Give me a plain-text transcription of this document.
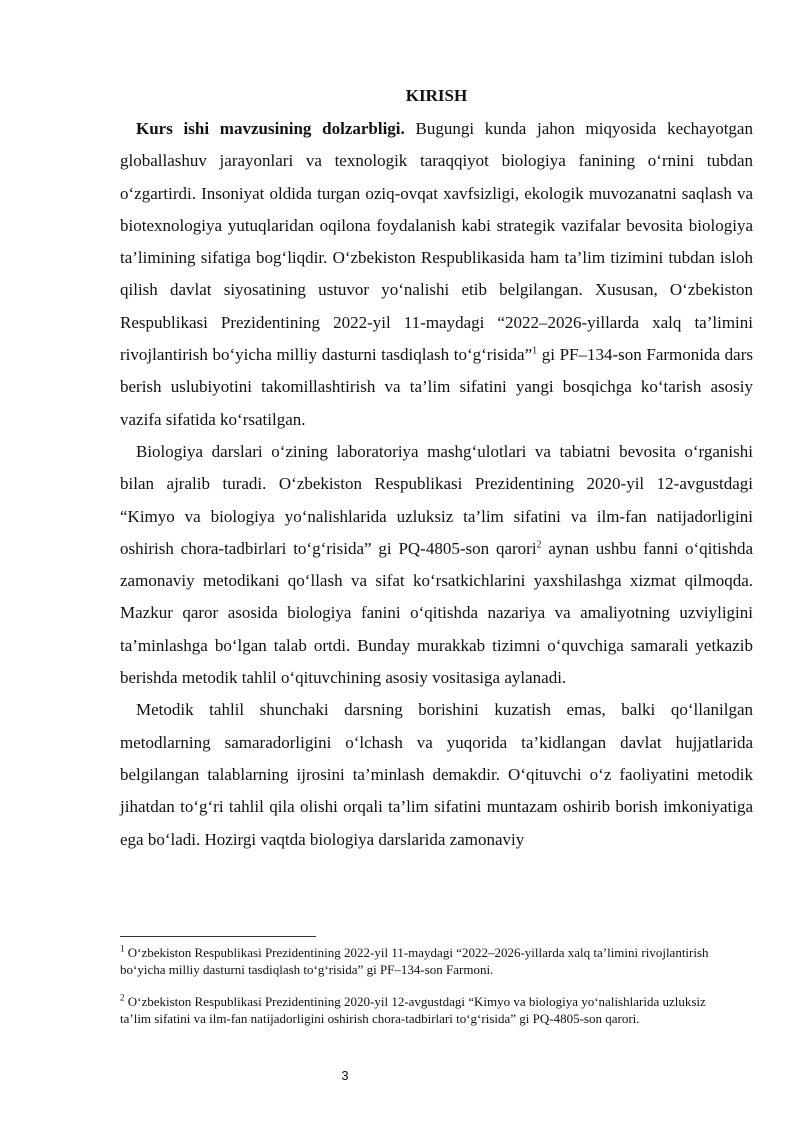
KIRISH

Kurs ishi mavzusining dolzarbligi. Bugungi kunda jahon miqyosida kechayotgan globallashuv jarayonlari va texnologik taraqqiyot biologiya fanining o‘rnini tubdan o‘zgartirdi. Insoniyat oldida turgan oziq-ovqat xavfsizligi, ekologik muvozanatni saqlash va biotexnologiya yutuqlaridan oqilona foydalanish kabi strategik vazifalar bevosita biologiya ta’limining sifatiga bog‘liqdir. O‘zbekiston Respublikasida ham ta’lim tizimini tubdan isloh qilish davlat siyosatining ustuvor yo‘nalishi etib belgilangan. Xususan, O‘zbekiston Respublikasi Prezidentining 2022-yil 11-maydagi “2022–2026-yillarda xalq ta’limini rivojlantirish bo‘yicha milliy dasturni tasdiqlash to‘g‘risida”$^1$ gi PF–134-son Farmonida dars berish uslubiyotini takomillashtirish va ta’lim sifatini yangi bosqichga ko‘tarish asosiy vazifa sifatida ko‘rsatilgan.

Biologiya darslari o‘zining laboratoriya mashg‘ulotlari va tabiatni bevosita o‘rganishi bilan ajralib turadi. O‘zbekiston Respublikasi Prezidentining 2020-yil 12-avgustdagi “Kimyo va biologiya yo‘nalishlarida uzluksiz ta’lim sifatini va ilm-fan natijadorligini oshirish chora-tadbirlari to‘g‘risida” gi PQ-4805-son qarori$^2$ aynan ushbu fanni o‘qitishda zamonaviy metodikani qo‘llash va sifat ko‘rsatkichlarini yaxshilashga xizmat qilmoqda. Mazkur qaror asosida biologiya fanini o‘qitishda nazariya va amaliyotning uzviyligini ta’minlashga bo‘lgan talab ortdi. Bunday murakkab tizimni o‘quvchiga samarali yetkazib berishda metodik tahlil o‘qituvchining asosiy vositasiga aylanadi.

Metodik tahlil shunchaki darsning borishini kuzatish emas, balki qo‘llanilgan metodlarning samaradorligini o‘lchash va yuqorida ta’kidlangan davlat hujjatlarida belgilangan talablarning ijrosini ta’minlash demakdir. O‘qituvchi o‘z faoliyatini metodik jihatdan to‘g‘ri tahlil qila olishi orqali ta’lim sifatini muntazam oshirib borish imkoniyatiga ega bo‘ladi. Hozirgi vaqtda biologiya darslarida zamonaviy

$^1$ O‘zbekiston Respublikasi Prezidentining 2022-yil 11-maydagi “2022–2026-yillarda xalq ta’limini rivojlantirish bo‘yicha milliy dasturni tasdiqlash to‘g‘risida” gi PF–134-son Farmoni.

$^2$ O‘zbekiston Respublikasi Prezidentining 2020-yil 12-avgustdagi “Kimyo va biologiya yo‘nalishlarida uzluksiz ta’lim sifatini va ilm-fan natijadorligini oshirish chora-tadbirlari to‘g‘risida” gi PQ-4805-son qarori.

3
